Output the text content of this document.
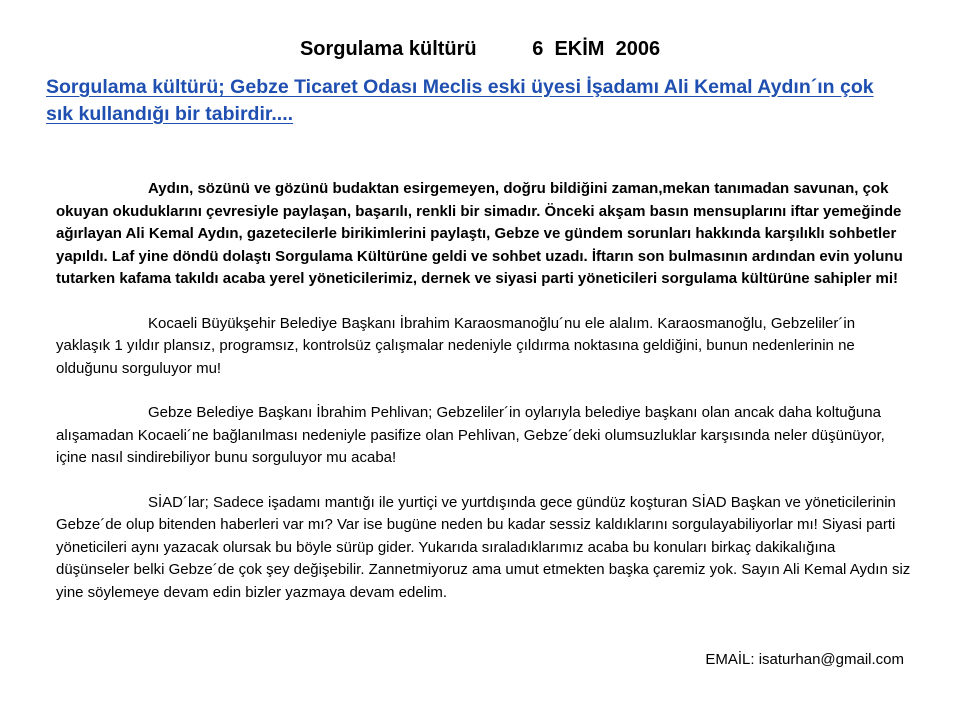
Sorgulama kültürü	6  EKİM  2006
Sorgulama kültürü; Gebze Ticaret Odası Meclis eski üyesi İşadamı Ali Kemal Aydın´ın çok sık kullandığı bir tabirdir....

Aydın, sözünü ve gözünü budaktan esirgemeyen, doğru bildiğini zaman,mekan tanımadan savunan, çok okuyan okuduklarını çevresiyle paylaşan, başarılı, renkli bir simadır. Önceki akşam basın mensuplarını iftar yemeğinde ağırlayan Ali Kemal Aydın, gazetecilerle birikimlerini paylaştı, Gebze ve gündem sorunları hakkında karşılıklı sohbetler yapıldı. Laf yine döndü dolaştı Sorgulama Kültürüne geldi ve sohbet uzadı. İftarın son bulmasının ardından evin yolunu tutarken kafama takıldı acaba yerel yöneticilerimiz, dernek ve siyasi parti yöneticileri sorgulama kültürüne sahipler mi!

Kocaeli Büyükşehir Belediye Başkanı İbrahim Karaosmanoğlu´nu ele alalım. Karaosmanoğlu, Gebzeliler´in yaklaşık 1 yıldır plansız, programsız, kontrolsüz çalışmalar nedeniyle çıldırma noktasına geldiğini, bunun nedenlerinin ne olduğunu sorguluyor mu!

Gebze Belediye Başkanı İbrahim Pehlivan; Gebzeliler´in oylarıyla belediye başkanı olan ancak daha koltuğuna alışamadan Kocaeli´ne bağlanılması nedeniyle pasifize olan Pehlivan, Gebze´deki olumsuzluklar karşısında neler düşünüyor, içine nasıl sindirebiliyor bunu sorguluyor mu acaba!

SİAD´lar; Sadece işadamı mantığı ile yurtiçi ve yurtdışında gece gündüz koşturan SİAD Başkan ve yöneticilerinin Gebze´de olup bitenden haberleri var mı? Var ise bugüne neden bu kadar sessiz kaldıklarını sorgulayabiliyorlar mı! Siyasi parti yöneticileri aynı yazacak olursak bu böyle sürüp gider. Yukarıda sıraladıklarımız acaba bu konuları birkaç dakikalığına düşünseler belki Gebze´de çok şey değişebilir. Zannetmiyoruz ama umut etmekten başka çaremiz yok. Sayın Ali Kemal Aydın siz yine söylemeye devam edin bizler yazmaya devam edelim.

EMAİL: isaturhan@gmail.com
